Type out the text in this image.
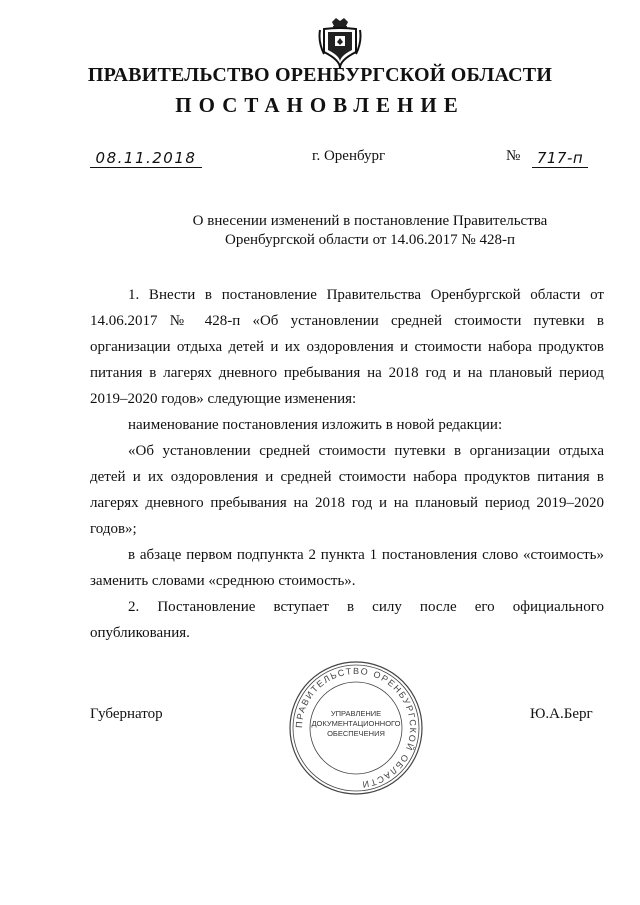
ПРАВИТЕЛЬСТВО ОРЕНБУРГСКОЙ ОБЛАСТИ
ПОСТАНОВЛЕНИЕ
08.11.2018	г. Оренбург	№	717-п
О внесении изменений в постановление Правительства
Оренбургской области от 14.06.2017 № 428-п

1. Внести в постановление Правительства Оренбургской области от 14.06.2017 № 428-п «Об установлении средней стоимости путевки в организации отдыха детей и их оздоровления и стоимости набора продуктов питания в лагерях дневного пребывания на 2018 год и на плановый период 2019–2020 годов» следующие изменения:

наименование постановления изложить в новой редакции:

«Об установлении средней стоимости путевки в организации отдыха детей и их оздоровления и средней стоимости набора продуктов питания в лагерях дневного пребывания на 2018 год и на плановый период 2019–2020 годов»;

в абзаце первом подпункта 2 пункта 1 постановления слово «стоимость» заменить словами «среднюю стоимость».

2. Постановление вступает в силу после его официального опубликования.

Губернатор	Ю.А.Берг
ПРАВИТЕЛЬСТВО ОРЕНБУРГСКОЙ ОБЛАСТИ
УПРАВЛЕНИЕ
ДОКУМЕНТАЦИОННОГО
ОБЕСПЕЧЕНИЯ
